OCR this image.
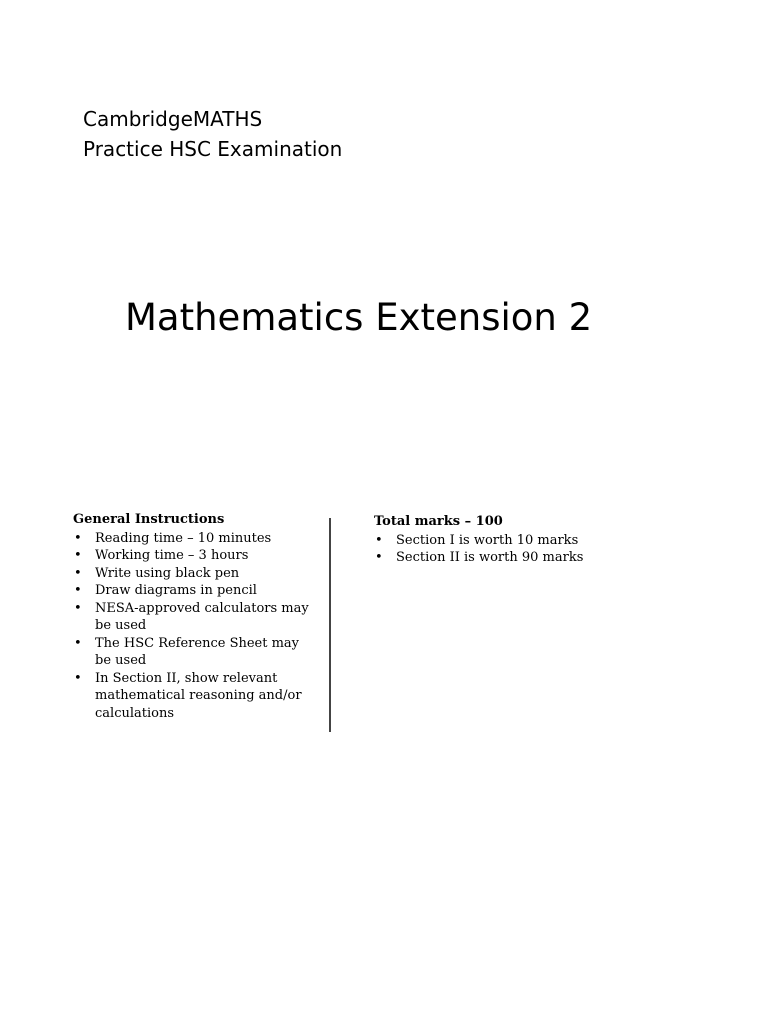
CambridgeMATHS
Practice HSC Examination
Mathematics Extension 2
General Instructions
• Reading time – 10 minutes
• Working time – 3 hours
• Write using black pen
• Draw diagrams in pencil
• NESA-approved calculators may be used
• The HSC Reference Sheet may be used
• In Section II, show relevant mathematical reasoning and/or calculations
Total marks – 100
• Section I is worth 10 marks
• Section II is worth 90 marks
